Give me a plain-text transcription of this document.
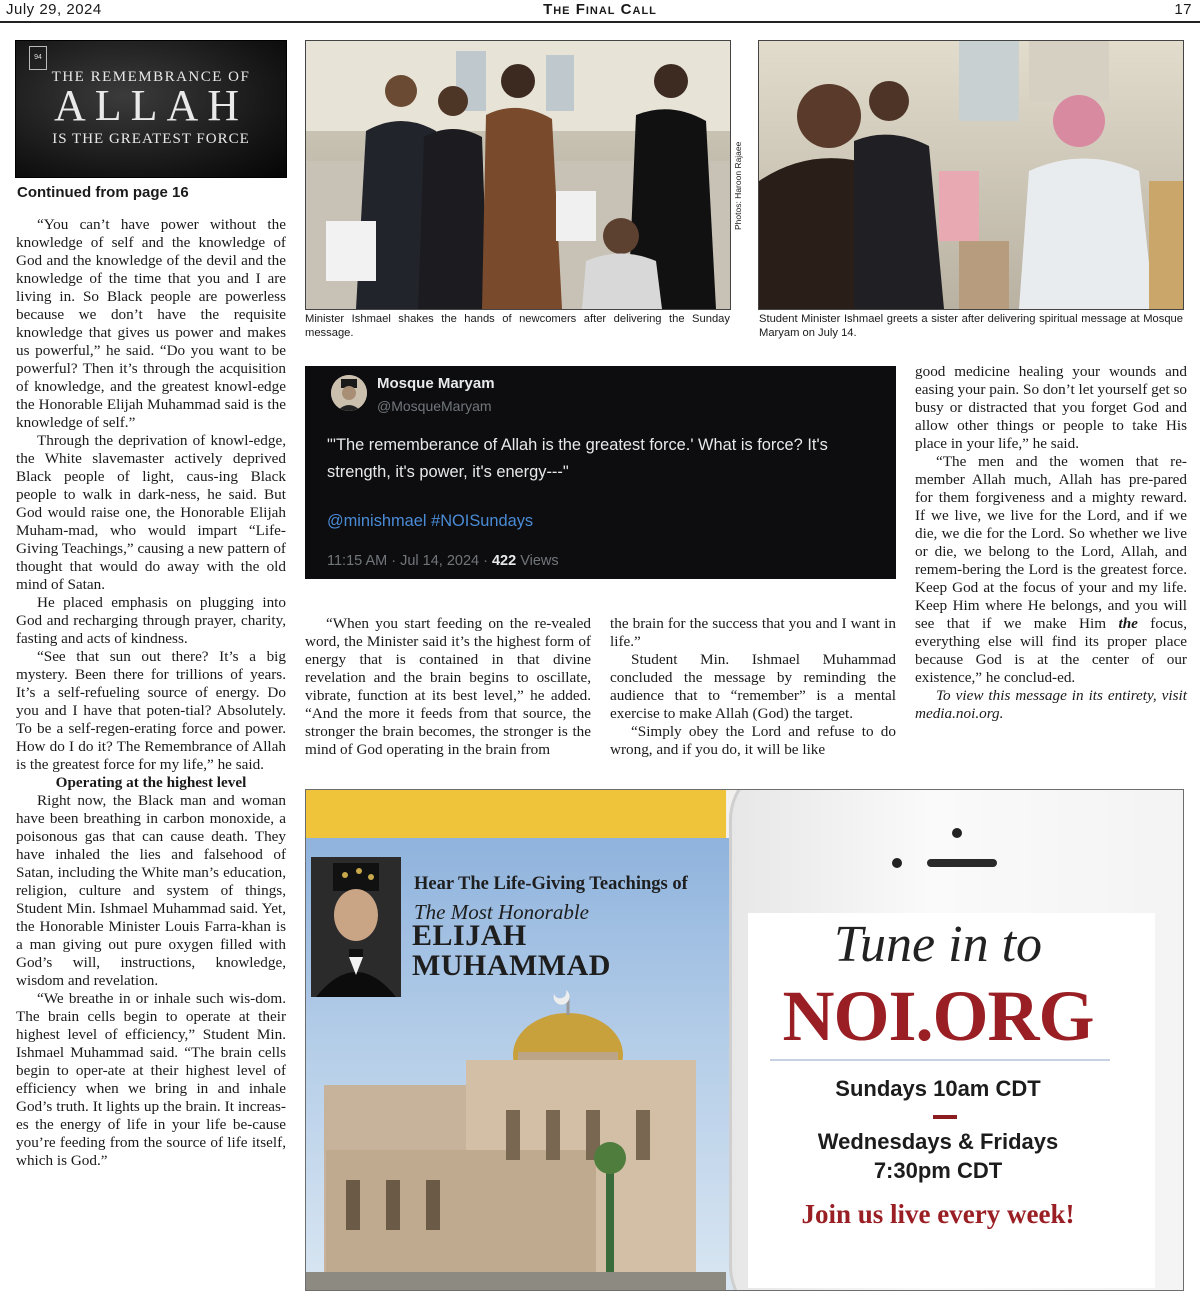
July 29, 2024	The Final Call	17
94
THE REMEMBRANCE OF
ALLAH
IS THE GREATEST FORCE
Continued from page 16

“You can’t have power without the knowledge of self and the knowledge of God and the knowledge of the devil and the knowledge of the time that you and I are living in. So Black people are powerless because we don’t have the requisite knowledge that gives us power and makes us powerful,” he said. “Do you want to be powerful? Then it’s through the acquisition of knowledge, and the greatest knowl-edge the Honorable Elijah Muhammad said is the knowledge of self.”

Through the deprivation of knowl-edge, the White slavemaster actively deprived Black people of light, caus-ing Black people to walk in dark-ness, he said. But God would raise one, the Honorable Elijah Muham-mad, who would impart “Life-Giving Teachings,” causing a new pattern of thought that would do away with the old mind of Satan.

He placed emphasis on plugging into God and recharging through prayer, charity, fasting and acts of kindness.

“See that sun out there? It’s a big mystery. Been there for trillions of years. It’s a self-refueling source of energy. Do you and I have that poten-tial? Absolutely. To be a self-regen-erating force and power. How do I do it? The Remembrance of Allah is the greatest force for my life,” he said.

Operating at the highest level

Right now, the Black man and woman have been breathing in carbon monoxide, a poisonous gas that can cause death. They have inhaled the lies and falsehood of Satan, including the White man’s education, religion, culture and system of things, Student Min. Ishmael Muhammad said. Yet, the Honorable Minister Louis Farra-khan is a man giving out pure oxygen filled with God’s will, instructions, knowledge, wisdom and revelation.

“We breathe in or inhale such wis-dom. The brain cells begin to operate at their highest level of efficiency,” Student Min. Ishmael Muhammad said. “The brain cells begin to oper-ate at their highest level of efficiency when we bring in and inhale God’s truth. It lights up the brain. It increas-es the energy of life in your life be-cause you’re feeding from the source of life itself, which is God.”

Minister Ishmael shakes the hands of newcomers after delivering the Sunday message.
Photos: Haroon Rajaee
Student Minister Ishmael greets a sister after delivering spiritual message at Mosque Maryam on July 14.
Mosque Maryam
@MosqueMaryam
"'The rememberance of Allah is the greatest force.' What is force? It's strength, it's power, it's energy---"
@minishmael #NOISundays
11:15 AM · Jul 14, 2024 · 422 Views

“When you start feeding on the re-vealed word, the Minister said it’s the highest form of energy that is contained in that divine revelation and the brain begins to oscillate, vibrate, function at its best level,” he added. “And the more it feeds from that source, the stronger the brain becomes, the stronger is the mind of God operating in the brain from

the brain for the success that you and I want in life.”

Student Min. Ishmael Muhammad concluded the message by reminding the audience that to “remember” is a mental exercise to make Allah (God) the target.

“Simply obey the Lord and refuse to do wrong, and if you do, it will be like

good medicine healing your wounds and easing your pain. So don’t let yourself get so busy or distracted that you forget God and allow other things or people to take His place in your life,” he said.

“The men and the women that re-member Allah much, Allah has pre-pared for them forgiveness and a mighty reward. If we live, we live for the Lord, and if we die, we die for the Lord. So whether we live or die, we belong to the Lord, Allah, and remem-bering the Lord is the greatest force. Keep God at the focus of your and my life. Keep Him where He belongs, and you will see that if we make Him the focus, everything else will find its proper place because God is at the center of our existence,” he conclud-ed.

To view this message in its entirety, visit media.noi.org.

Hear The Life-Giving Teachings of
The Most Honorable
ELIJAH
MUHAMMAD	Tune in to
NOI.ORG
Sundays 10am CDT
Wednesdays & Fridays
7:30pm CDT
Join us live every week!
